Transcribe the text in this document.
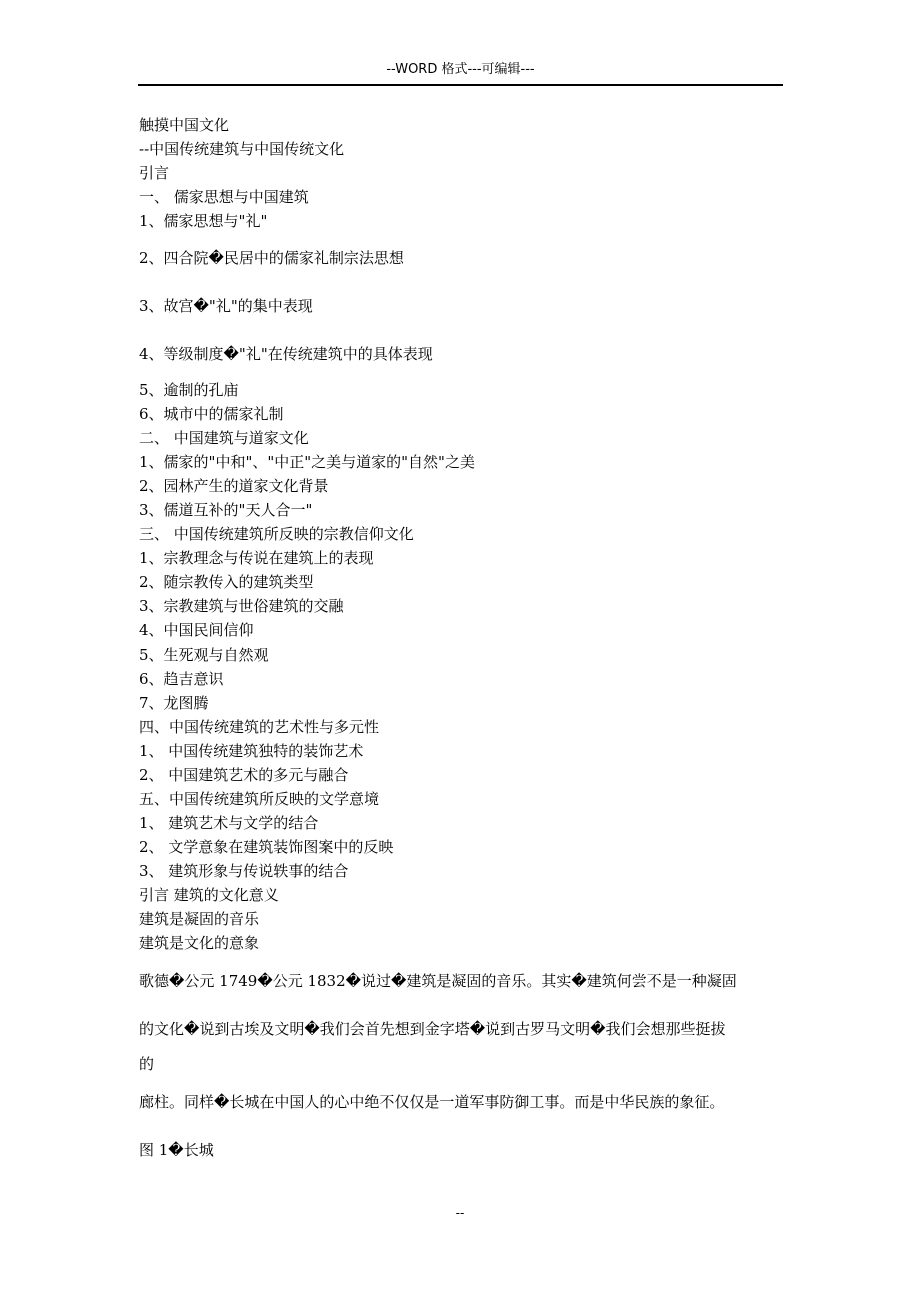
--WORD 格式---可编辑---
触摸中国文化
--中国传统建筑与中国传统文化
引言
一、 儒家思想与中国建筑
1、儒家思想与"礼"
2、四合院�民居中的儒家礼制宗法思想
3、故宫�"礼"的集中表现
4、等级制度�"礼"在传统建筑中的具体表现
5、逾制的孔庙
6、城市中的儒家礼制
二、 中国建筑与道家文化
1、儒家的"中和"、"中正"之美与道家的"自然"之美
2、园林产生的道家文化背景
3、儒道互补的"天人合一"
三、 中国传统建筑所反映的宗教信仰文化
1、宗教理念与传说在建筑上的表现
2、随宗教传入的建筑类型
3、宗教建筑与世俗建筑的交融
4、中国民间信仰
5、生死观与自然观
6、趋吉意识
7、龙图腾
四、中国传统建筑的艺术性与多元性
1、 中国传统建筑独特的装饰艺术
2、 中国建筑艺术的多元与融合
五、中国传统建筑所反映的文学意境
1、 建筑艺术与文学的结合
2、 文学意象在建筑装饰图案中的反映
3、 建筑形象与传说轶事的结合
引言 建筑的文化意义
建筑是凝固的音乐
建筑是文化的意象
歌德�公元 1749�公元 1832�说过�建筑是凝固的音乐。其实�建筑何尝不是一种凝固
的文化�说到古埃及文明�我们会首先想到金字塔�说到古罗马文明�我们会想那些挺拔
的
廊柱。同样�长城在中国人的心中绝不仅仅是一道军事防御工事。而是中华民族的象征。
图 1�长城
--
